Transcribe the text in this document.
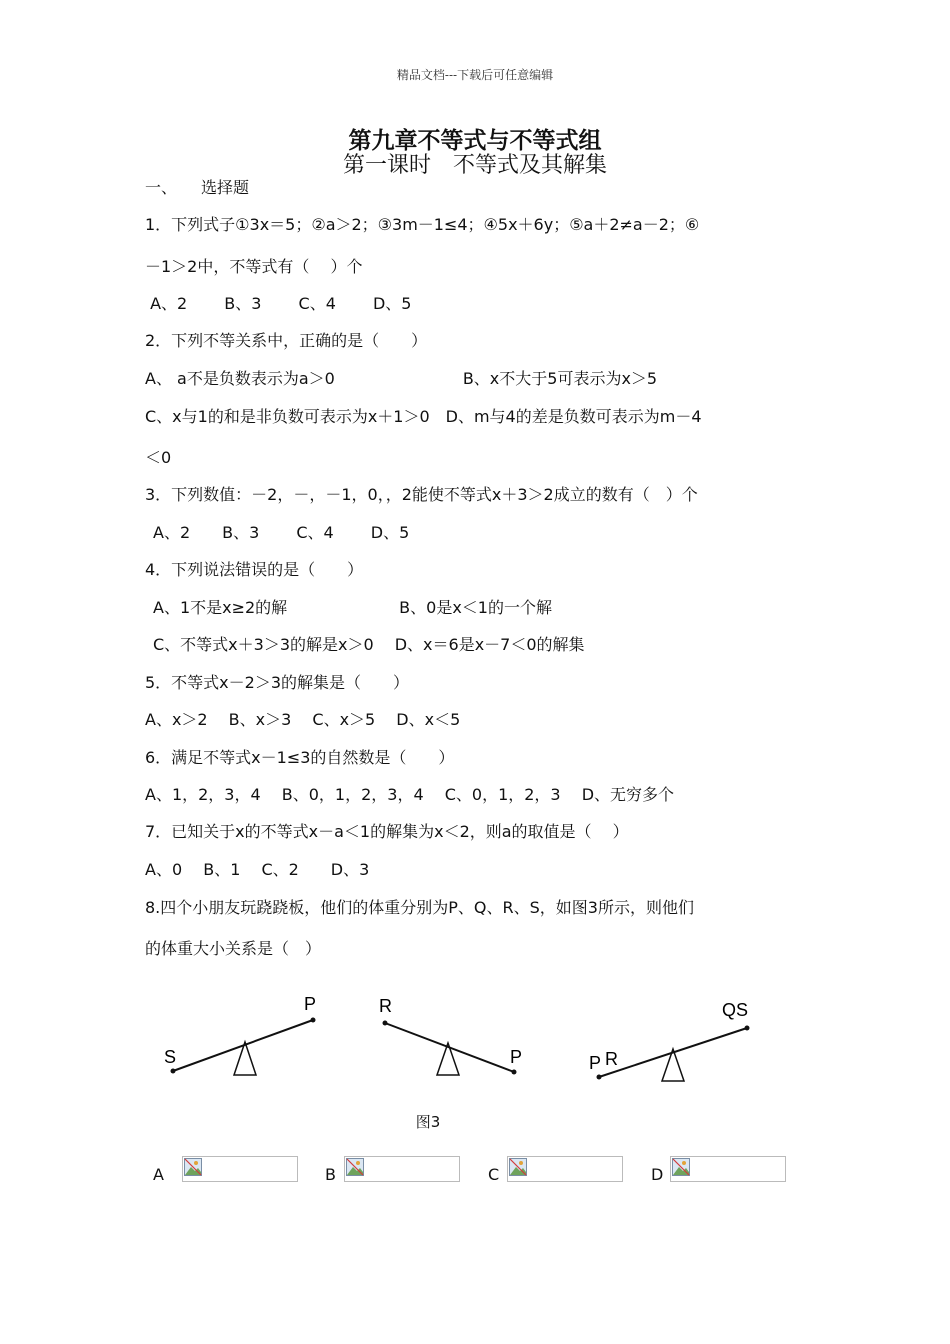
精品文档---下载后可任意编辑
第九章不等式与不等式组
第一课时　不等式及其解集
一、　　选择题
1．下列式子①3x＝5；②a＞2；③3m－1≤4；④5x＋6y；⑤a＋2≠a－2；⑥
－1＞2中，不等式有（　 ）个
A、2　　 B、3　　 C、4　　 D、5
2．下列不等关系中，正确的是（　　）
A、 a不是负数表示为a＞0　　　　　　　　B、x不大于5可表示为x＞5
C、x与1的和是非负数可表示为x＋1＞0　D、m与4的差是负数可表示为m－4
＜0
3．下列数值：－2，－，－1，0，，2能使不等式x＋3＞2成立的数有（　）个
A、2　　B、3　　 C、4　　 D、5
4．下列说法错误的是（　　）
A、1不是x≥2的解　　　　　　　B、0是x＜1的一个解
C、不等式x＋3＞3的解是x＞0　 D、x＝6是x－7＜0的解集
5．不等式x－2＞3的解集是（　　）
A、x＞2　 B、x＞3　 C、x＞5　 D、x＜5
6．满足不等式x－1≤3的自然数是（　　）
A、1，2，3，4　 B、0，1，2，3，4　 C、0，1，2，3　 D、无穷多个
7．已知关于x的不等式x－a＜1的解集为x＜2，则a的取值是（　 ）
A、0　 B、1　 C、2　　D、3
8.四个小朋友玩跷跷板，他们的体重分别为P、Q、R、S，如图3所示，则他们
的体重大小关系是（　）
S
P	R
P	P R
QS
图3
A	B	C	D
